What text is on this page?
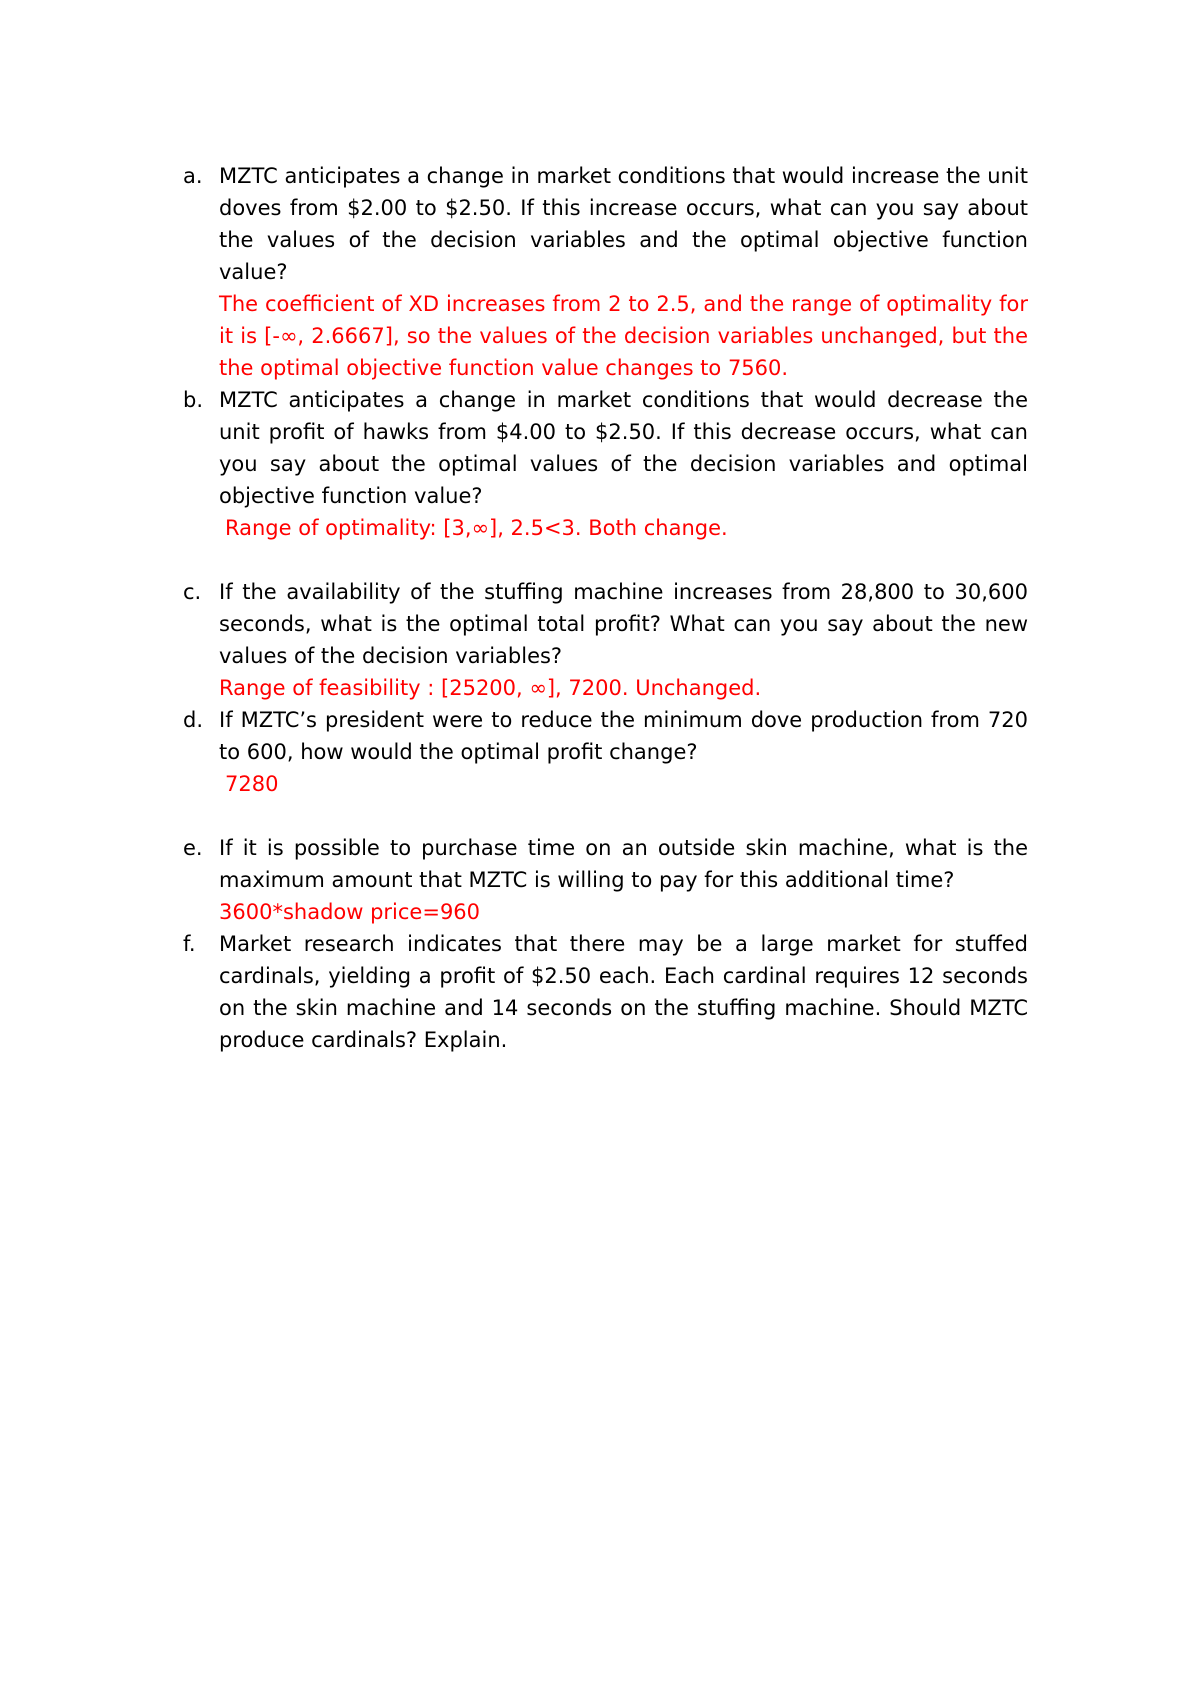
a. MZTC anticipates a change in market conditions that would increase the unit doves from $2.00 to $2.50. If this increase occurs, what can you say about the values of the decision variables and the optimal objective function value?

The coefficient of XD increases from 2 to 2.5, and the range of optimality for it is [-∞, 2.6667], so the values of the decision variables unchanged, but the the optimal objective function value changes to 7560.

b. MZTC anticipates a change in market conditions that would decrease the unit profit of hawks from $4.00 to $2.50. If this decrease occurs, what can you say about the optimal values of the decision variables and optimal objective function value?

Range of optimality: [3,∞], 2.5<3. Both change.

c. If the availability of the stuffing machine increases from 28,800 to 30,600 seconds, what is the optimal total profit? What can you say about the new values of the decision variables?

Range of feasibility : [25200, ∞], 7200. Unchanged.

d. If MZTC’s president were to reduce the minimum dove production from 720 to 600, how would the optimal profit change?

7280

e. If it is possible to purchase time on an outside skin machine, what is the maximum amount that MZTC is willing to pay for this additional time?

3600*shadow price=960

f.	Market research indicates that there may be a large market for stuffed cardinals, yielding a profit of $2.50 each. Each cardinal requires 12 seconds on the skin machine and 14 seconds on the stuffing machine. Should MZTC produce cardinals? Explain.
